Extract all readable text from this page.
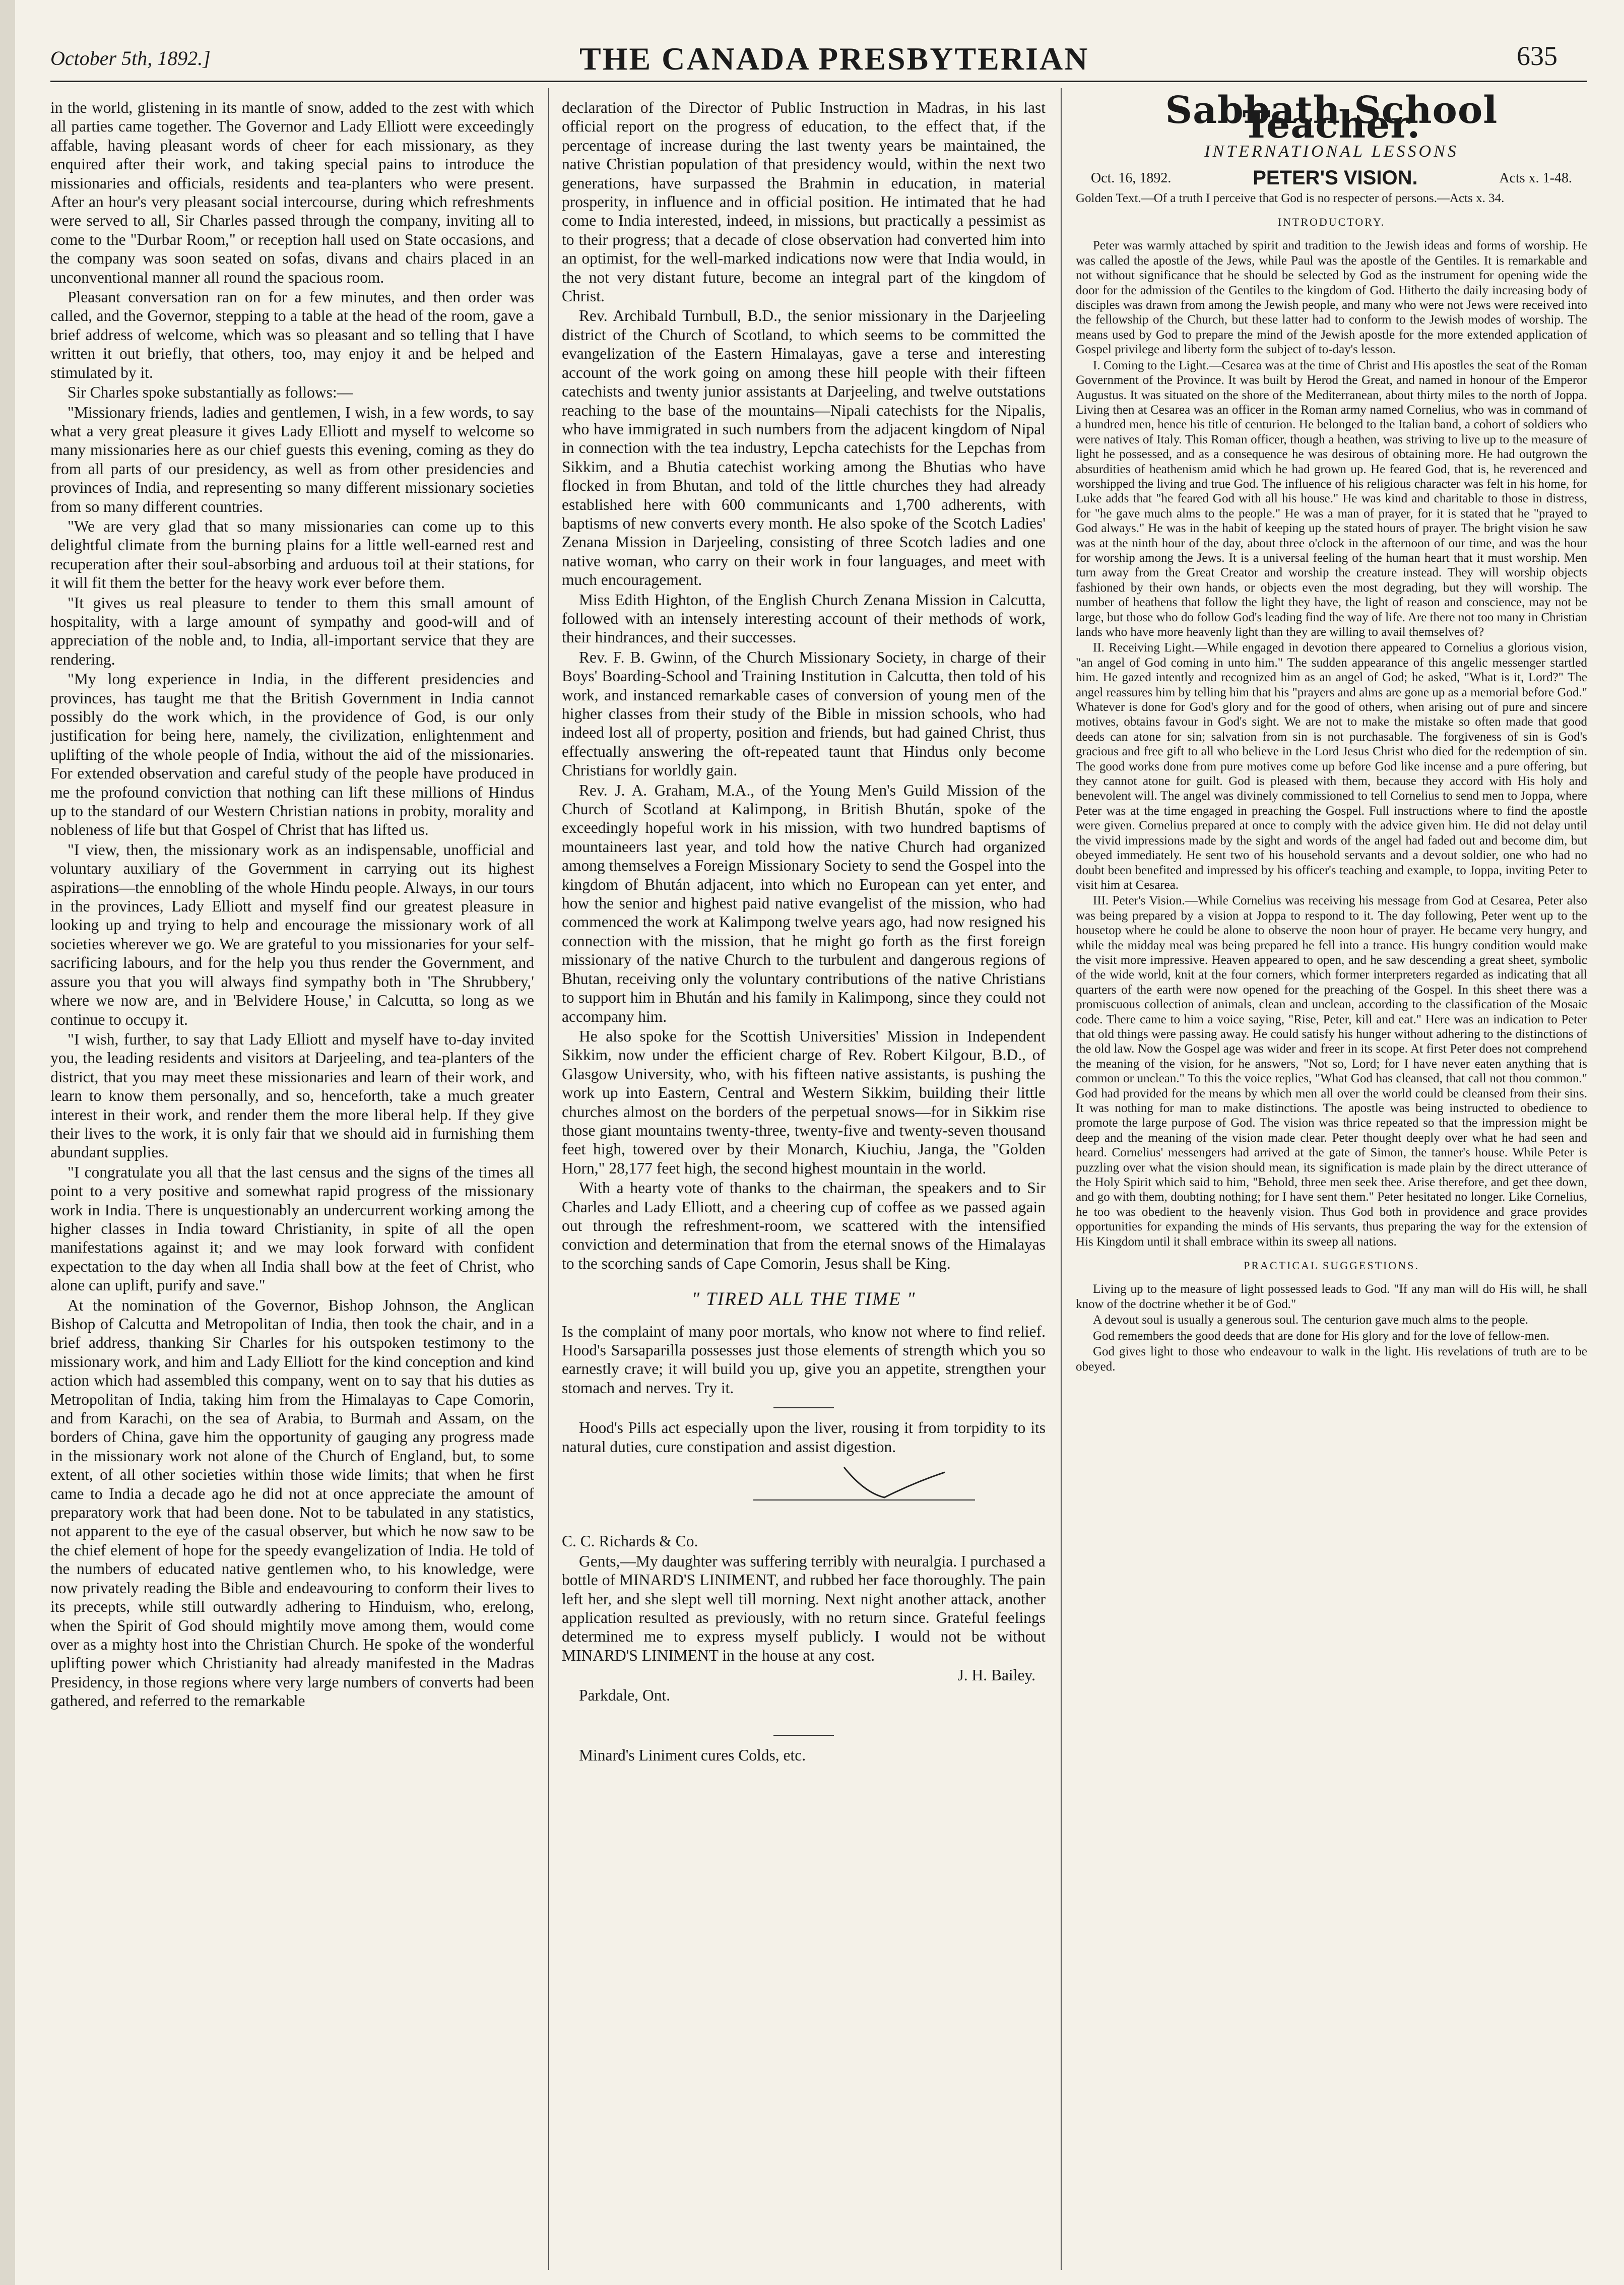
October 5th, 1892.]	THE CANADA PRESBYTERIAN	635

in the world, glistening in its mantle of snow, added to the zest with which all parties came together. The Governor and Lady Elliott were exceedingly affable, having pleasant words of cheer for each missionary, as they enquired after their work, and taking special pains to introduce the missionaries and officials, residents and tea-planters who were present. After an hour's very pleasant social intercourse, during which refreshments were served to all, Sir Charles passed through the company, inviting all to come to the "Durbar Room," or reception hall used on State occasions, and the company was soon seated on sofas, divans and chairs placed in an unconventional manner all round the spacious room.

Pleasant conversation ran on for a few minutes, and then order was called, and the Governor, stepping to a table at the head of the room, gave a brief address of welcome, which was so pleasant and so telling that I have written it out briefly, that others, too, may enjoy it and be helped and stimulated by it.

Sir Charles spoke substantially as follows:—

"Missionary friends, ladies and gentlemen, I wish, in a few words, to say what a very great pleasure it gives Lady Elliott and myself to welcome so many missionaries here as our chief guests this evening, coming as they do from all parts of our presidency, as well as from other presidencies and provinces of India, and representing so many different missionary societies from so many different countries.

"We are very glad that so many missionaries can come up to this delightful climate from the burning plains for a little well-earned rest and recuperation after their soul-absorbing and arduous toil at their stations, for it will fit them the better for the heavy work ever before them.

"It gives us real pleasure to tender to them this small amount of hospitality, with a large amount of sympathy and good-will and of appreciation of the noble and, to India, all-important service that they are rendering.

"My long experience in India, in the different presidencies and provinces, has taught me that the British Government in India cannot possibly do the work which, in the providence of God, is our only justification for being here, namely, the civilization, enlightenment and uplifting of the whole people of India, without the aid of the missionaries. For extended observation and careful study of the people have produced in me the profound conviction that nothing can lift these millions of Hindus up to the standard of our Western Christian nations in probity, morality and nobleness of life but that Gospel of Christ that has lifted us.

"I view, then, the missionary work as an indispensable, unofficial and voluntary auxiliary of the Government in carrying out its highest aspirations—the ennobling of the whole Hindu people. Always, in our tours in the provinces, Lady Elliott and myself find our greatest pleasure in looking up and trying to help and encourage the missionary work of all societies wherever we go. We are grateful to you missionaries for your self-sacrificing labours, and for the help you thus render the Government, and assure you that you will always find sympathy both in 'The Shrubbery,' where we now are, and in 'Belvidere House,' in Calcutta, so long as we continue to occupy it.

"I wish, further, to say that Lady Elliott and myself have to-day invited you, the leading residents and visitors at Darjeeling, and tea-planters of the district, that you may meet these missionaries and learn of their work, and learn to know them personally, and so, henceforth, take a much greater interest in their work, and render them the more liberal help. If they give their lives to the work, it is only fair that we should aid in furnishing them abundant supplies.

"I congratulate you all that the last census and the signs of the times all point to a very positive and somewhat rapid progress of the missionary work in India. There is unquestionably an undercurrent working among the higher classes in India toward Christianity, in spite of all the open manifestations against it; and we may look forward with confident expectation to the day when all India shall bow at the feet of Christ, who alone can uplift, purify and save."

At the nomination of the Governor, Bishop Johnson, the Anglican Bishop of Calcutta and Metropolitan of India, then took the chair, and in a brief address, thanking Sir Charles for his outspoken testimony to the missionary work, and him and Lady Elliott for the kind conception and kind action which had assembled this company, went on to say that his duties as Metropolitan of India, taking him from the Himalayas to Cape Comorin, and from Karachi, on the sea of Arabia, to Burmah and Assam, on the borders of China, gave him the opportunity of gauging any progress made in the missionary work not alone of the Church of England, but, to some extent, of all other societies within those wide limits; that when he first came to India a decade ago he did not at once appreciate the amount of preparatory work that had been done. Not to be tabulated in any statistics, not apparent to the eye of the casual observer, but which he now saw to be the chief element of hope for the speedy evangelization of India. He told of the numbers of educated native gentlemen who, to his knowledge, were now privately reading the Bible and endeavouring to conform their lives to its precepts, while still outwardly adhering to Hinduism, who, erelong, when the Spirit of God should mightily move among them, would come over as a mighty host into the Christian Church. He spoke of the wonderful uplifting power which Christianity had already manifested in the Madras Presidency, in those regions where very large numbers of converts had been gathered, and referred to the remarkable

declaration of the Director of Public Instruction in Madras, in his last official report on the progress of education, to the effect that, if the percentage of increase during the last twenty years be maintained, the native Christian population of that presidency would, within the next two generations, have surpassed the Brahmin in education, in material prosperity, in influence and in official position. He intimated that he had come to India interested, indeed, in missions, but practically a pessimist as to their progress; that a decade of close observation had converted him into an optimist, for the well-marked indications now were that India would, in the not very distant future, become an integral part of the kingdom of Christ.

Rev. Archibald Turnbull, B.D., the senior missionary in the Darjeeling district of the Church of Scotland, to which seems to be committed the evangelization of the Eastern Himalayas, gave a terse and interesting account of the work going on among these hill people with their fifteen catechists and twenty junior assistants at Darjeeling, and twelve outstations reaching to the base of the mountains—Nipali catechists for the Nipalis, who have immigrated in such numbers from the adjacent kingdom of Nipal in connection with the tea industry, Lepcha catechists for the Lepchas from Sikkim, and a Bhutia catechist working among the Bhutias who have flocked in from Bhutan, and told of the little churches they had already established here with 600 communicants and 1,700 adherents, with baptisms of new converts every month. He also spoke of the Scotch Ladies' Zenana Mission in Darjeeling, consisting of three Scotch ladies and one native woman, who carry on their work in four languages, and meet with much encouragement.

Miss Edith Highton, of the English Church Zenana Mission in Calcutta, followed with an intensely interesting account of their methods of work, their hindrances, and their successes.

Rev. F. B. Gwinn, of the Church Missionary Society, in charge of their Boys' Boarding-School and Training Institution in Calcutta, then told of his work, and instanced remarkable cases of conversion of young men of the higher classes from their study of the Bible in mission schools, who had indeed lost all of property, position and friends, but had gained Christ, thus effectually answering the oft-repeated taunt that Hindus only become Christians for worldly gain.

Rev. J. A. Graham, M.A., of the Young Men's Guild Mission of the Church of Scotland at Kalimpong, in British Bhután, spoke of the exceedingly hopeful work in his mission, with two hundred baptisms of mountaineers last year, and told how the native Church had organized among themselves a Foreign Missionary Society to send the Gospel into the kingdom of Bhután adjacent, into which no European can yet enter, and how the senior and highest paid native evangelist of the mission, who had commenced the work at Kalimpong twelve years ago, had now resigned his connection with the mission, that he might go forth as the first foreign missionary of the native Church to the turbulent and dangerous regions of Bhutan, receiving only the voluntary contributions of the native Christians to support him in Bhután and his family in Kalimpong, since they could not accompany him.

He also spoke for the Scottish Universities' Mission in Independent Sikkim, now under the efficient charge of Rev. Robert Kilgour, B.D., of Glasgow University, who, with his fifteen native assistants, is pushing the work up into Eastern, Central and Western Sikkim, building their little churches almost on the borders of the perpetual snows—for in Sikkim rise those giant mountains twenty-three, twenty-five and twenty-seven thousand feet high, towered over by their Monarch, Kiuchiu, Janga, the "Golden Horn," 28,177 feet high, the second highest mountain in the world.

With a hearty vote of thanks to the chairman, the speakers and to Sir Charles and Lady Elliott, and a cheering cup of coffee as we passed again out through the refreshment-room, we scattered with the intensified conviction and determination that from the eternal snows of the Himalayas to the scorching sands of Cape Comorin, Jesus shall be King.

" TIRED ALL THE TIME "

Is the complaint of many poor mortals, who know not where to find relief. Hood's Sarsaparilla possesses just those elements of strength which you so earnestly crave; it will build you up, give you an appetite, strengthen your stomach and nerves. Try it.

Hood's Pills act especially upon the liver, rousing it from torpidity to its natural duties, cure constipation and assist digestion.

C. C. Richards & Co.

Gents,—My daughter was suffering terribly with neuralgia. I purchased a bottle of MINARD'S LINIMENT, and rubbed her face thoroughly. The pain left her, and she slept well till morning. Next night another attack, another application resulted as previously, with no return since. Grateful feelings determined me to express myself publicly. I would not be without MINARD'S LINIMENT in the house at any cost.

J. H. Bailey.

Parkdale, Ont.

Minard's Liniment cures Colds, etc.

Sabbath School Teacher.
INTERNATIONAL LESSONS
Oct. 16, 1892.	PETER'S VISION.	Acts x. 1-48.

Golden Text.—Of a truth I perceive that God is no respecter of persons.—Acts x. 34.

INTRODUCTORY.

Peter was warmly attached by spirit and tradition to the Jewish ideas and forms of worship. He was called the apostle of the Jews, while Paul was the apostle of the Gentiles. It is remarkable and not without significance that he should be selected by God as the instrument for opening wide the door for the admission of the Gentiles to the kingdom of God. Hitherto the daily increasing body of disciples was drawn from among the Jewish people, and many who were not Jews were received into the fellowship of the Church, but these latter had to conform to the Jewish modes of worship. The means used by God to prepare the mind of the Jewish apostle for the more extended application of Gospel privilege and liberty form the subject of to-day's lesson.

I. Coming to the Light.—Cesarea was at the time of Christ and His apostles the seat of the Roman Government of the Province. It was built by Herod the Great, and named in honour of the Emperor Augustus. It was situated on the shore of the Mediterranean, about thirty miles to the north of Joppa. Living then at Cesarea was an officer in the Roman army named Cornelius, who was in command of a hundred men, hence his title of centurion. He belonged to the Italian band, a cohort of soldiers who were natives of Italy. This Roman officer, though a heathen, was striving to live up to the measure of light he possessed, and as a consequence he was desirous of obtaining more. He had outgrown the absurdities of heathenism amid which he had grown up. He feared God, that is, he reverenced and worshipped the living and true God. The influence of his religious character was felt in his home, for Luke adds that "he feared God with all his house." He was kind and charitable to those in distress, for "he gave much alms to the people." He was a man of prayer, for it is stated that he "prayed to God always." He was in the habit of keeping up the stated hours of prayer. The bright vision he saw was at the ninth hour of the day, about three o'clock in the afternoon of our time, and was the hour for worship among the Jews. It is a universal feeling of the human heart that it must worship. Men turn away from the Great Creator and worship the creature instead. They will worship objects fashioned by their own hands, or objects even the most degrading, but they will worship. The number of heathens that follow the light they have, the light of reason and conscience, may not be large, but those who do follow God's leading find the way of life. Are there not too many in Christian lands who have more heavenly light than they are willing to avail themselves of?

II. Receiving Light.—While engaged in devotion there appeared to Cornelius a glorious vision, "an angel of God coming in unto him." The sudden appearance of this angelic messenger startled him. He gazed intently and recognized him as an angel of God; he asked, "What is it, Lord?" The angel reassures him by telling him that his "prayers and alms are gone up as a memorial before God." Whatever is done for God's glory and for the good of others, when arising out of pure and sincere motives, obtains favour in God's sight. We are not to make the mistake so often made that good deeds can atone for sin; salvation from sin is not purchasable. The forgiveness of sin is God's gracious and free gift to all who believe in the Lord Jesus Christ who died for the redemption of sin. The good works done from pure motives come up before God like incense and a pure offering, but they cannot atone for guilt. God is pleased with them, because they accord with His holy and benevolent will. The angel was divinely commissioned to tell Cornelius to send men to Joppa, where Peter was at the time engaged in preaching the Gospel. Full instructions where to find the apostle were given. Cornelius prepared at once to comply with the advice given him. He did not delay until the vivid impressions made by the sight and words of the angel had faded out and become dim, but obeyed immediately. He sent two of his household servants and a devout soldier, one who had no doubt been benefited and impressed by his officer's teaching and example, to Joppa, inviting Peter to visit him at Cesarea.

III. Peter's Vision.—While Cornelius was receiving his message from God at Cesarea, Peter also was being prepared by a vision at Joppa to respond to it. The day following, Peter went up to the housetop where he could be alone to observe the noon hour of prayer. He became very hungry, and while the midday meal was being prepared he fell into a trance. His hungry condition would make the visit more impressive. Heaven appeared to open, and he saw descending a great sheet, symbolic of the wide world, knit at the four corners, which former interpreters regarded as indicating that all quarters of the earth were now opened for the preaching of the Gospel. In this sheet there was a promiscuous collection of animals, clean and unclean, according to the classification of the Mosaic code. There came to him a voice saying, "Rise, Peter, kill and eat." Here was an indication to Peter that old things were passing away. He could satisfy his hunger without adhering to the distinctions of the old law. Now the Gospel age was wider and freer in its scope. At first Peter does not comprehend the meaning of the vision, for he answers, "Not so, Lord; for I have never eaten anything that is common or unclean." To this the voice replies, "What God has cleansed, that call not thou common." God had provided for the means by which men all over the world could be cleansed from their sins. It was nothing for man to make distinctions. The apostle was being instructed to obedience to promote the large purpose of God. The vision was thrice repeated so that the impression might be deep and the meaning of the vision made clear. Peter thought deeply over what he had seen and heard. Cornelius' messengers had arrived at the gate of Simon, the tanner's house. While Peter is puzzling over what the vision should mean, its signification is made plain by the direct utterance of the Holy Spirit which said to him, "Behold, three men seek thee. Arise therefore, and get thee down, and go with them, doubting nothing; for I have sent them." Peter hesitated no longer. Like Cornelius, he too was obedient to the heavenly vision. Thus God both in providence and grace provides opportunities for expanding the minds of His servants, thus preparing the way for the extension of His Kingdom until it shall embrace within its sweep all nations.

PRACTICAL SUGGESTIONS.

Living up to the measure of light possessed leads to God. "If any man will do His will, he shall know of the doctrine whether it be of God."

A devout soul is usually a generous soul. The centurion gave much alms to the people.

God remembers the good deeds that are done for His glory and for the love of fellow-men.

God gives light to those who endeavour to walk in the light. His revelations of truth are to be obeyed.
